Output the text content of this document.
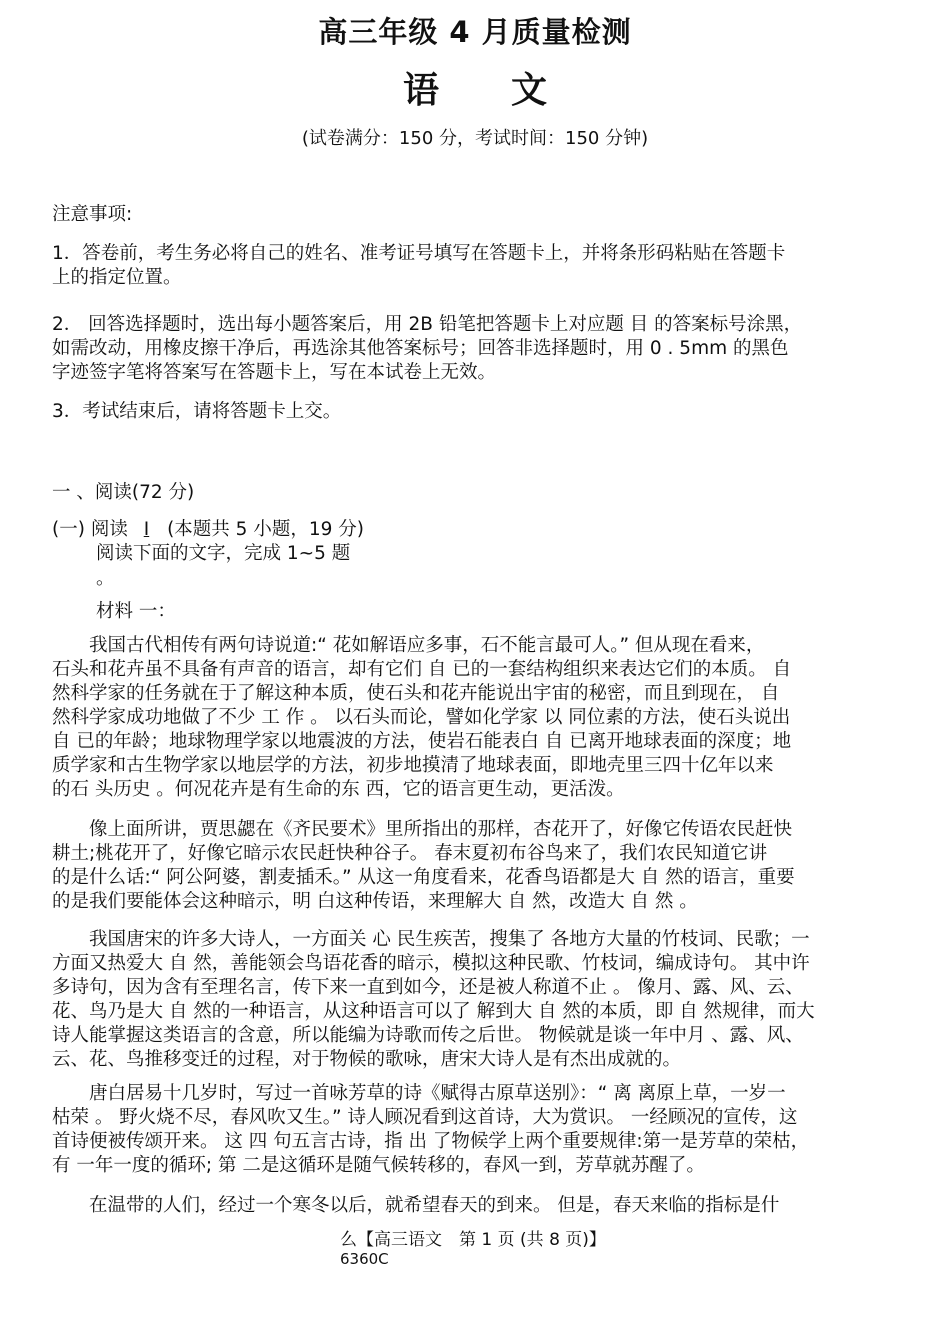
高三年级 4 月质量检测
语　　文
(试卷满分：150 分，考试时间：150 分钟)
注意事项:
1．答卷前，考生务必将自己的姓名、准考证号填写在答题卡上，并将条形码粘贴在答题卡
上的指定位置。
2． 回答选择题时，选出每小题答案后，用 2B 铅笔把答题卡上对应题 目 的答案标号涂黑，
如需改动，用橡皮擦干净后，再选涂其他答案标号；回答非选择题时，用 0 . 5mm 的黑色
字迹签字笔将答案写在答题卡上，写在本试卷上无效。
3．考试结束后，请将答题卡上交。
一 、阅读(72 分)
(一) 阅读 I (本题共 5 小题，19 分)
阅读下面的文字，完成 1~5 题
。
材料 一：
　　我国古代相传有两句诗说道:“ 花如解语应多事，石不能言最可人。” 但从现在看来，
石头和花卉虽不具备有声音的语言，却有它们 自 已的一套结构组织来表达它们的本质。 自
然科学家的任务就在于了解这种本质，使石头和花卉能说出宇宙的秘密，而且到现在， 自
然科学家成功地做了不少 工 作 。 以石头而论，譬如化学家 以 同位素的方法，使石头说出
自 已的年龄；地球物理学家以地震波的方法，使岩石能表白 自 已离开地球表面的深度；地
质学家和古生物学家以地层学的方法，初步地摸清了地球表面，即地壳里三四十亿年以来
的石 头历史 。何况花卉是有生命的东 西，它的语言更生动，更活泼。
　　像上面所讲，贾思勰在《齐民要术》里所指出的那样，杏花开了，好像它传语农民赶快
耕土;桃花开了，好像它暗示农民赶快种谷子。 春末夏初布谷鸟来了，我们农民知道它讲
的是什么话:“ 阿公阿婆，割麦插禾。” 从这一角度看来，花香鸟语都是大 自 然的语言，重要
的是我们要能体会这种暗示，明 白这种传语，来理解大 自 然，改造大 自 然 。
　　我国唐宋的许多大诗人，一方面关 心 民生疾苦，搜集了 各地方大量的竹枝词、民歌；一
方面又热爱大 自 然，善能领会鸟语花香的暗示，模拟这种民歌、竹枝词，编成诗句。 其中许
多诗句，因为含有至理名言，传下来一直到如今，还是被人称道不止 。 像月、露、风、云、
花、鸟乃是大 自 然的一种语言，从这种语言可以了 解到大 自 然的本质，即 自 然规律，而大
诗人能掌握这类语言的含意，所以能编为诗歌而传之后世。 物候就是谈一年中月 、露、风、
云、花、鸟推移变迁的过程，对于物候的歌咏，唐宋大诗人是有杰出成就的。
　　唐白居易十几岁时，写过一首咏芳草的诗《赋得古原草送别》：“ 离 离原上草，一岁一
枯荣 。 野火烧不尽，春风吹又生。” 诗人顾况看到这首诗，大为赏识。 一经顾况的宣传，这
首诗便被传颂开来。 这 四 句五言古诗，指 出 了物候学上两个重要规律:第一是芳草的荣枯，
有 一年一度的循环; 第 二是这循环是随气候转移的，春风一到，芳草就苏醒了。
　　在温带的人们，经过一个寒冬以后，就希望春天的到来。 但是，春天来临的指标是什
么【高三语文　第 1 页 (共 8 页)】
6360C
